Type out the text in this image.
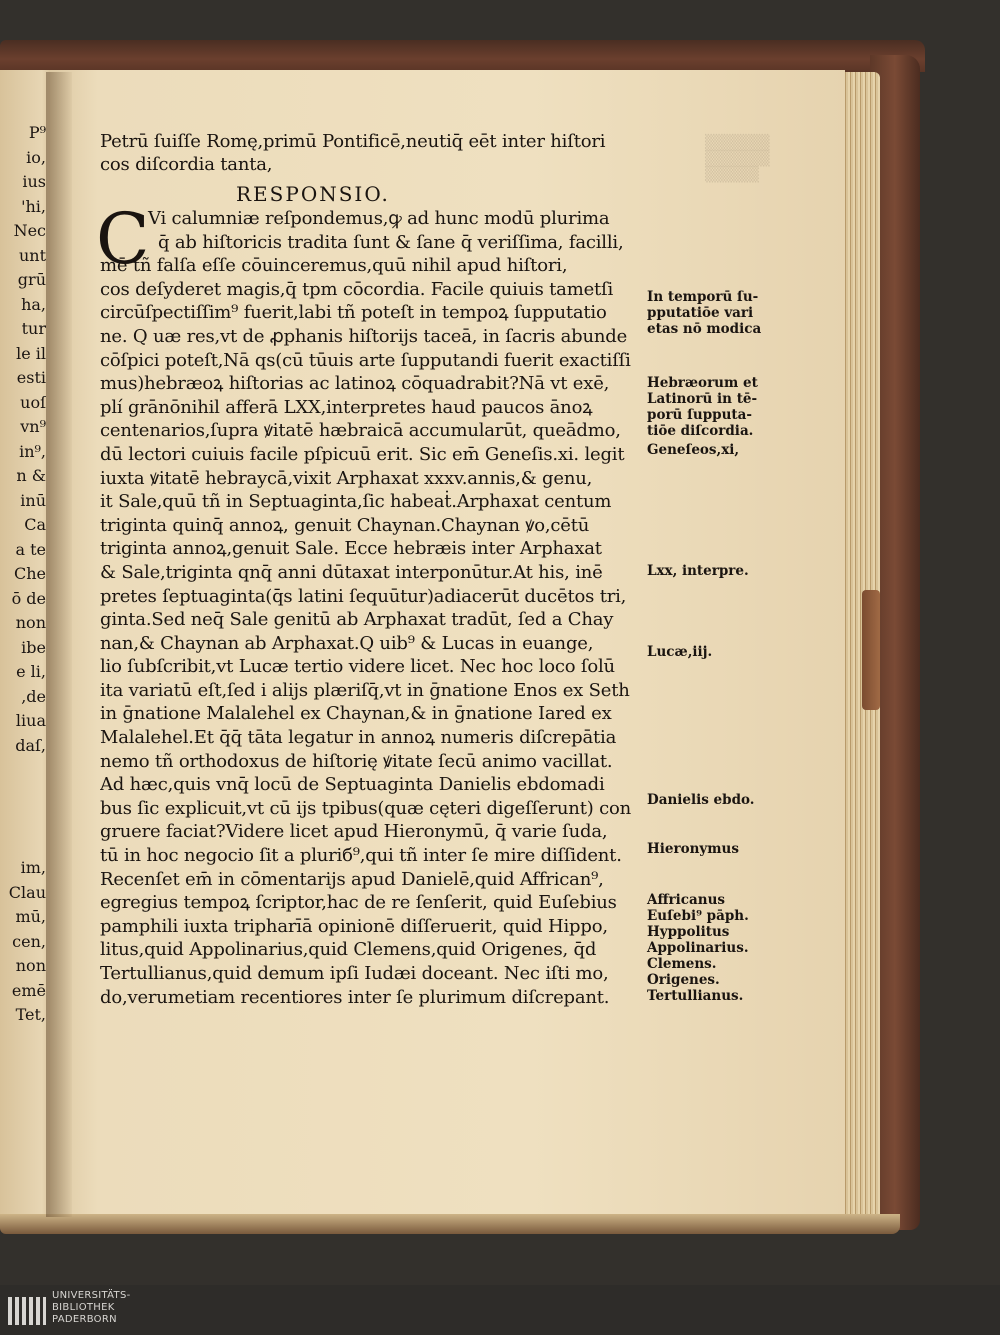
P⁹
io,
ius
'hi,
Nec
unt
grū
ha,
tur
le il
esti
uoſ
vn⁹
in⁹,
n &
inū
Ca
a te
Che
ō de
non
ibe
e li,
,de
liua
daſ,
im,
Clau
mū,
cen,
non
emē
Tet,
▒▒▒▒▒▒
▒▒▒▒▒▒
▒▒▒▒▒
Petrū ſuiſſe Romę,primū Pontificē,neutiq̄ eēt inter hiſtori
cos diſcordia tanta,
RESPONSIO.
C
Vi calumniæ reſpondemus,ꝙ ad hunc modū plurima
q̄ ab hiſtoricis tradita ſunt & ſane q̄ veriſſima, facilli,
mē tñ falſa eſſe cōuinceremus,quū nihil apud hiſtori,
cos deſyderet magis,q̄ tpm cōcordia. Facile quiuis tametſi
circūſpectiſſim⁹ fuerit,labi tñ poteſt in tempoꝝ ſupputatio
ne. Q uæ res,vt de ꝓphanis hiſtorijs taceā, in ſacris abunde
cōſpici poteſt,Nā qs(cū tūuis arte ſupputandi fuerit exactiſſi
mus)hebræoꝝ hiſtorias ac latinoꝝ cōquadrabit?Nā vt exē,
plí grānōnihil afferā LXX,interpretes haud paucos ānoꝝ
centenarios,ſupra ꝟitatē hæbraicā accumularūt, queādmo,
dū lectori cuiuis facile pſpicuū erit. Sic em̄ Geneſis.xi. legit
iuxta ꝟitatē hebraycā,vixit Arphaxat xxxv.annis,& genu,
it Sale,quū tñ in Septuaginta,ſic habeaṫ.Arphaxat centum
triginta quinq̄ annoꝝ, genuit Chaynan.Chaynan ꝟo,cētū
triginta annoꝝ,genuit Sale. Ecce hebræis inter Arphaxat
& Sale,triginta qnq̄ anni dūtaxat interponūtur.At his, inē
pretes ſeptuaginta(q̄s latini ſequūtur)adiacerūt ducētos tri,
ginta.Sed neq̄ Sale genitū ab Arphaxat tradūt, ſed a Chay
nan,& Chaynan ab Arphaxat.Q uib⁹ & Lucas in euange,
lio ſubſcribit,vt Lucæ tertio videre licet. Nec hoc loco ſolū
ita variatū eſt,ſed i alijs plæriſq̄,vt in ḡnatione Enos ex Seth
in ḡnatione Malalehel ex Chaynan,& in ḡnatione Iared ex
Malalehel.Et q̄q̄ tāta legatur in annoꝝ numeris diſcrepātia
nemo tñ orthodoxus de hiſtorię ꝟitate ſecū animo vacillat.
Ad hæc,quis vnq̄ locū de Septuaginta Danielis ebdomadi
bus ſic explicuit,vt cū ijs tpibus(quæ cęteri digeſſerunt) con
gruere faciat?Videre licet apud Hieronymū, q̄ varie ſuda,
tū in hoc negocio ſit a pluriб⁹,qui tñ inter ſe mire diſſident.
Recenſet em̄ in cōmentarijs apud Danielē,quid Affrican⁹,
egregius tempoꝝ ſcriptor,hac de re ſenſerit, quid Euſebius
pamphili iuxta tripharīā opinionē diſſeruerit, quid Hippo,
litus,quid Appolinarius,quid Clemens,quid Origenes, q̄d
Tertullianus,quid demum ipſi Iudæi doceant. Nec iſti mo,
do,verumetiam recentiores inter ſe plurimum diſcrepant.
In temporū ſu-
pputatiōe vari
etas nō modica
Hebræorum et
Latinorū in tē-
porū ſupputa-
tiōe diſcordia.
Geneſeos,xi,
Lxx, interpre.
Lucæ,iij.
Danielis ebdo.
Hieronymus
Affricanus
Euſebi⁹ pāph.
Hyppolitus
Appolinarius.
Clemens.
Origenes.
Tertullianus.
UNIVERSITÄTS-
BIBLIOTHEK
PADERBORN
